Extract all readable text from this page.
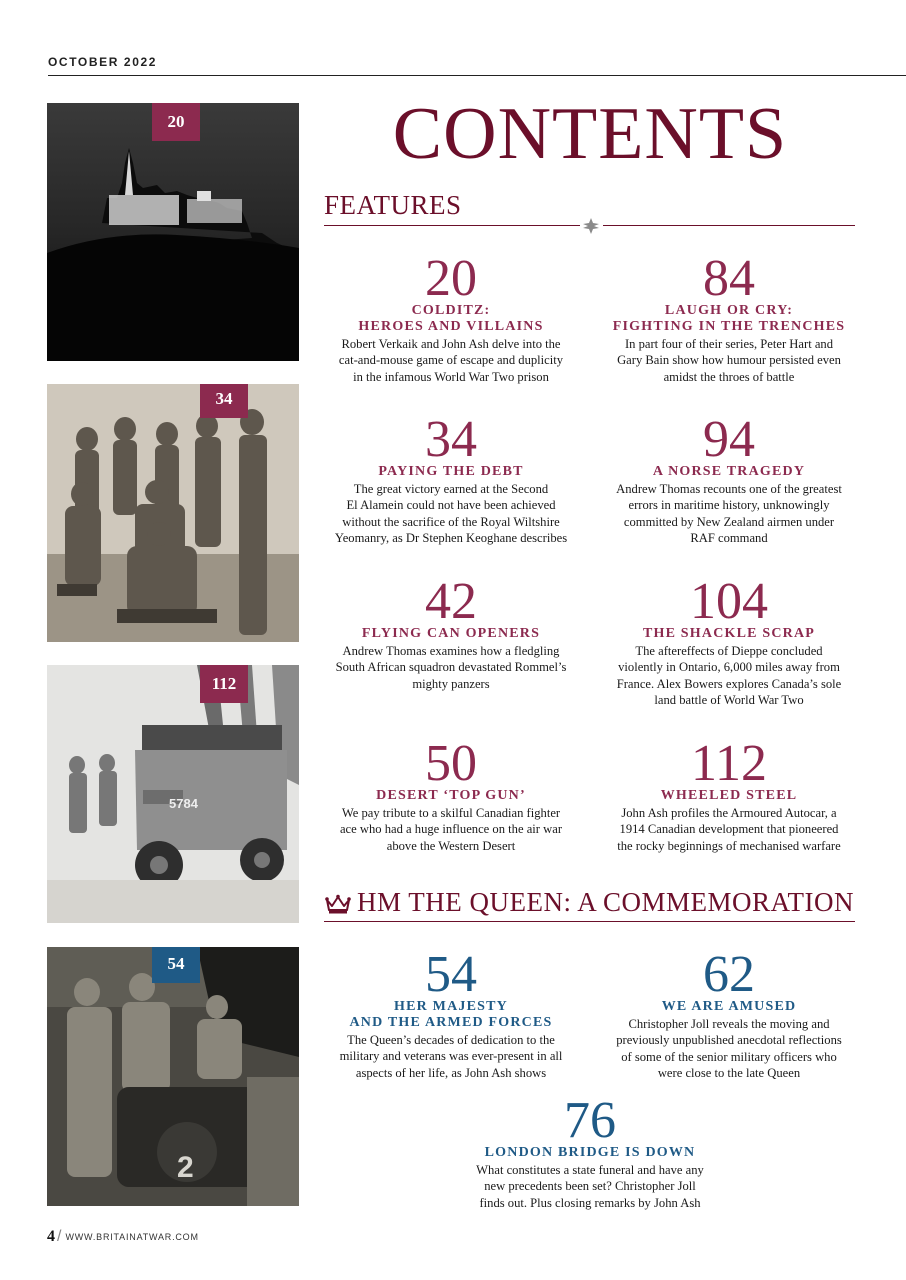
OCTOBER 2022
20
34
5784
112
2
54
CONTENTS
FEATURES
20
COLDITZ:
HEROES AND VILLAINS
Robert Verkaik and John Ash delve into the
cat-and-mouse game of escape and duplicity
in the infamous World War Two prison
84
LAUGH OR CRY:
FIGHTING IN THE TRENCHES
In part four of their series, Peter Hart and
Gary Bain show how humour persisted even
amidst the throes of battle
34
PAYING THE DEBT
The great victory earned at the Second
El Alamein could not have been achieved
without the sacrifice of the Royal Wiltshire
Yeomanry, as Dr Stephen Keoghane describes
94
A NORSE TRAGEDY
Andrew Thomas recounts one of the greatest
errors in maritime history, unknowingly
committed by New Zealand airmen under
RAF command
42
FLYING CAN OPENERS
Andrew Thomas examines how a fledgling
South African squadron devastated Rommel’s
mighty panzers
104
THE SHACKLE SCRAP
The aftereffects of Dieppe concluded
violently in Ontario, 6,000 miles away from
France. Alex Bowers explores Canada’s sole
land battle of World War Two
50
DESERT ‘TOP GUN’
We pay tribute to a skilful Canadian fighter
ace who had a huge influence on the air war
above the Western Desert
112
WHEELED STEEL
John Ash profiles the Armoured Autocar, a
1914 Canadian development that pioneered
the rocky beginnings of mechanised warfare
HM THE QUEEN: A COMMEMORATION
54
HER MAJESTY
AND THE ARMED FORCES
The Queen’s decades of dedication to the
military and veterans was ever-present in all
aspects of her life, as John Ash shows
62
WE ARE AMUSED
Christopher Joll reveals the moving and
previously unpublished anecdotal reflections
of some of the senior military officers who
were close to the late Queen
76
LONDON BRIDGE IS DOWN
What constitutes a state funeral and have any
new precedents been set? Christopher Joll
finds out. Plus closing remarks by John Ash
4 / WWW.BRITAINATWAR.COM
